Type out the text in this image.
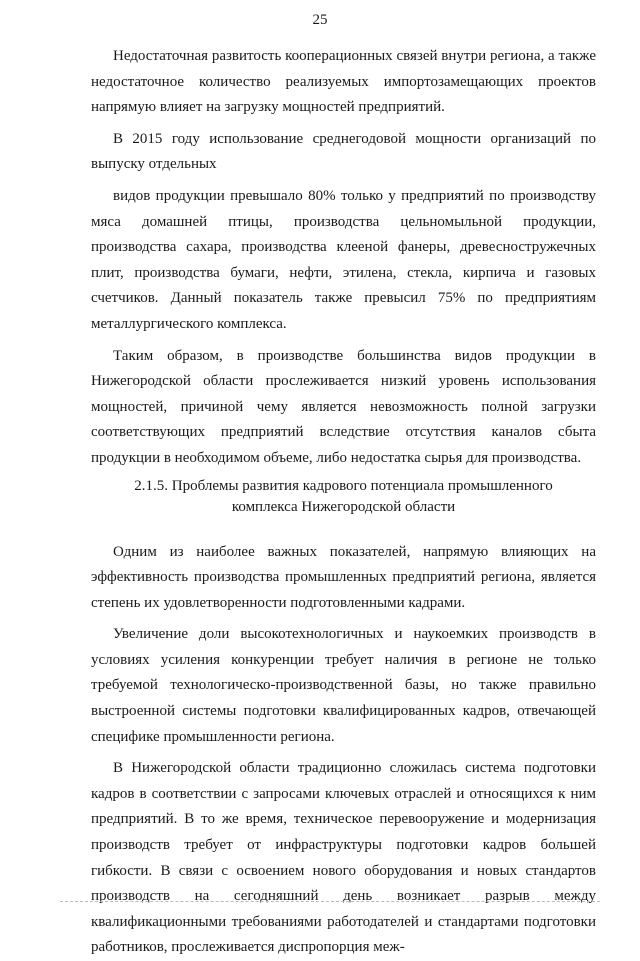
25

Недостаточная развитость кооперационных связей внутри региона, а также недостаточное количество реализуемых импортозамещающих проектов напрямую влияет на загрузку мощностей предприятий.

В 2015 году использование среднегодовой мощности организаций по выпуску отдельных

видов продукции превышало 80% только у предприятий по производству мяса домашней птицы, производства цельномыльной продукции, производства сахара, производства клееной фанеры, древесностружечных плит, производства бумаги, нефти, этилена, стекла, кирпича и газовых счетчиков. Данный показатель также превысил 75% по предприятиям металлургического комплекса.

Таким образом, в производстве большинства видов продукции в Нижегородской области прослеживается низкий уровень использования мощностей, причиной чему является невозможность полной загрузки соответствующих предприятий вследствие отсутствия каналов сбыта продукции в необходимом объеме, либо недостатка сырья для производства.

2.1.5. Проблемы развития кадрового потенциала промышленного
комплекса Нижегородской области

Одним из наиболее важных показателей, напрямую влияющих на эффективность производства промышленных предприятий региона, является степень их удовлетворенности подготовленными кадрами.

Увеличение доли высокотехнологичных и наукоемких производств в условиях усиления конкуренции требует наличия в регионе не только требуемой технологическо-производственной базы, но также правильно выстроенной системы подготовки квалифицированных кадров, отвечающей специфике промышленности региона.

В Нижегородской области традиционно сложилась система подготовки кадров в соответствии с запросами ключевых отраслей и относящихся к ним предприятий. В то же время, техническое перевооружение и модернизация производств требует от инфраструктуры подготовки кадров большей гибкости. В связи с освоением нового оборудования и новых стандартов производств на сегодняшний день возникает разрыв между квалификационными требованиями работодателей и стандартами подготовки работников, прослеживается диспропорция меж-
